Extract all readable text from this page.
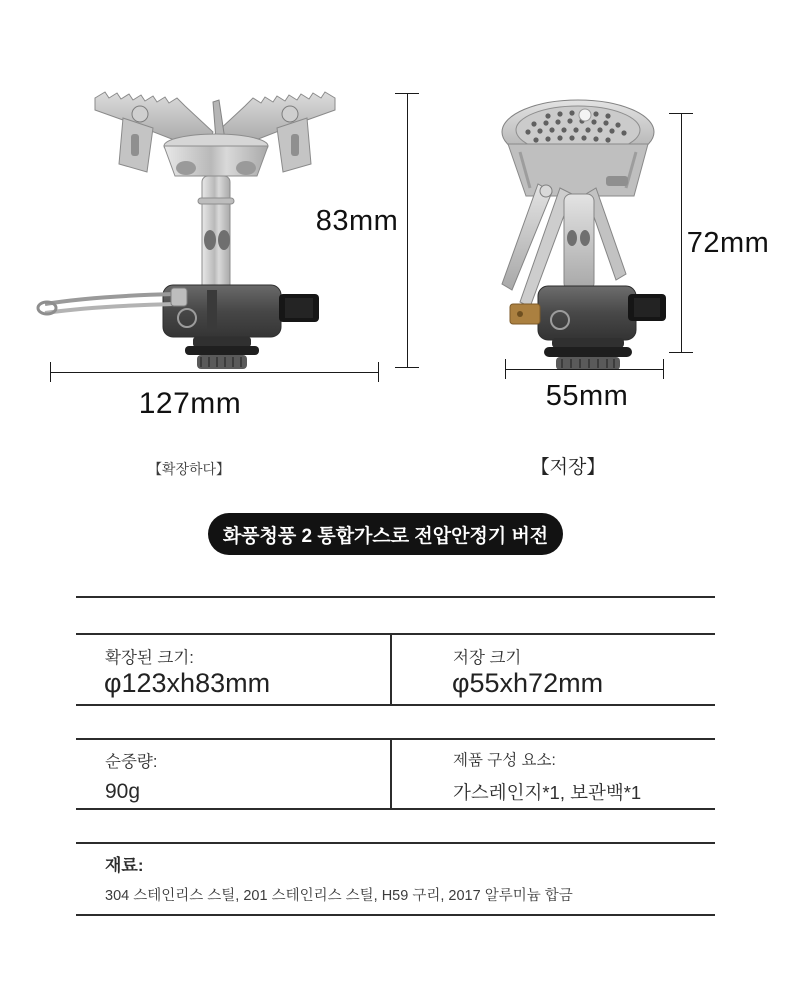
83mm
127mm
【확장하다】
72mm
55mm
【저장】
화풍청풍 2 통합가스로 전압안정기 버전
확장된 크기:
φ123xh83mm
저장 크기
φ55xh72mm
순중량:
90g
제품 구성 요소:
가스레인지*1, 보관백*1
재료:
304 스테인리스 스틸, 201 스테인리스 스틸, H59 구리, 2017 알루미늄 합금
